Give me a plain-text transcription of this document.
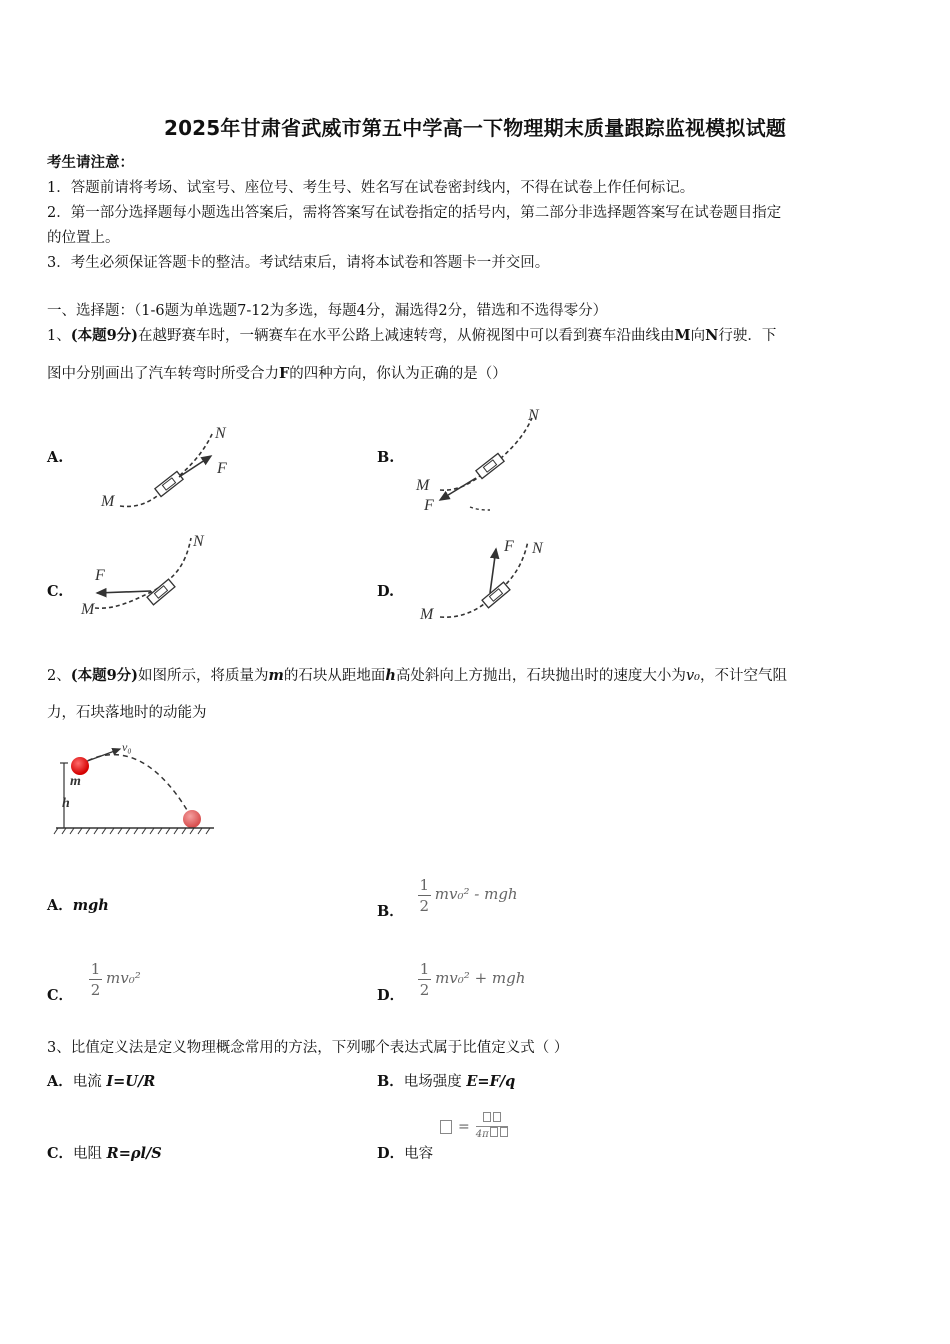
2025年甘肃省武威市第五中学高一下物理期末质量跟踪监视模拟试题
考生请注意：
1．答题前请将考场、试室号、座位号、考生号、姓名写在试卷密封线内，不得在试卷上作任何标记。
2．第一部分选择题每小题选出答案后，需将答案写在试卷指定的括号内，第二部分非选择题答案写在试卷题目指定
的位置上。
3．考生必须保证答题卡的整洁。考试结束后，请将本试卷和答题卡一并交回。
一、选择题：（1-6题为单选题7-12为多选，每题4分，漏选得2分，错选和不选得零分）
1、(本题9分)在越野赛车时，一辆赛车在水平公路上减速转弯，从俯视图中可以看到赛车沿曲线由M向N行驶．下
图中分别画出了汽车转弯时所受合力F的四种方向，你认为正确的是（）
A.	B.
C.	D.
N
F
M
N
M
F
N
F
M
F N
M
2、(本题9分)如图所示，将质量为m的石块从距地面h高处斜向上方抛出，石块抛出时的速度大小为v₀，不计空气阻
力，石块落地时的动能为
v₀
m
h
A．mgh	B． $\frac{1}{2} mv_0^2$ - mgh
C． $\frac{1}{2} mv_0^2$
D． $\frac{1}{2} mv_0^2$ + mgh
3、比值定义法是定义物理概念常用的方法，下列哪个表达式属于比值定义式（ ）
A．电流 I=U/R	B．电场强度 E=F/q
= 4π
C．电阻 R=ρl/S	D．电容
